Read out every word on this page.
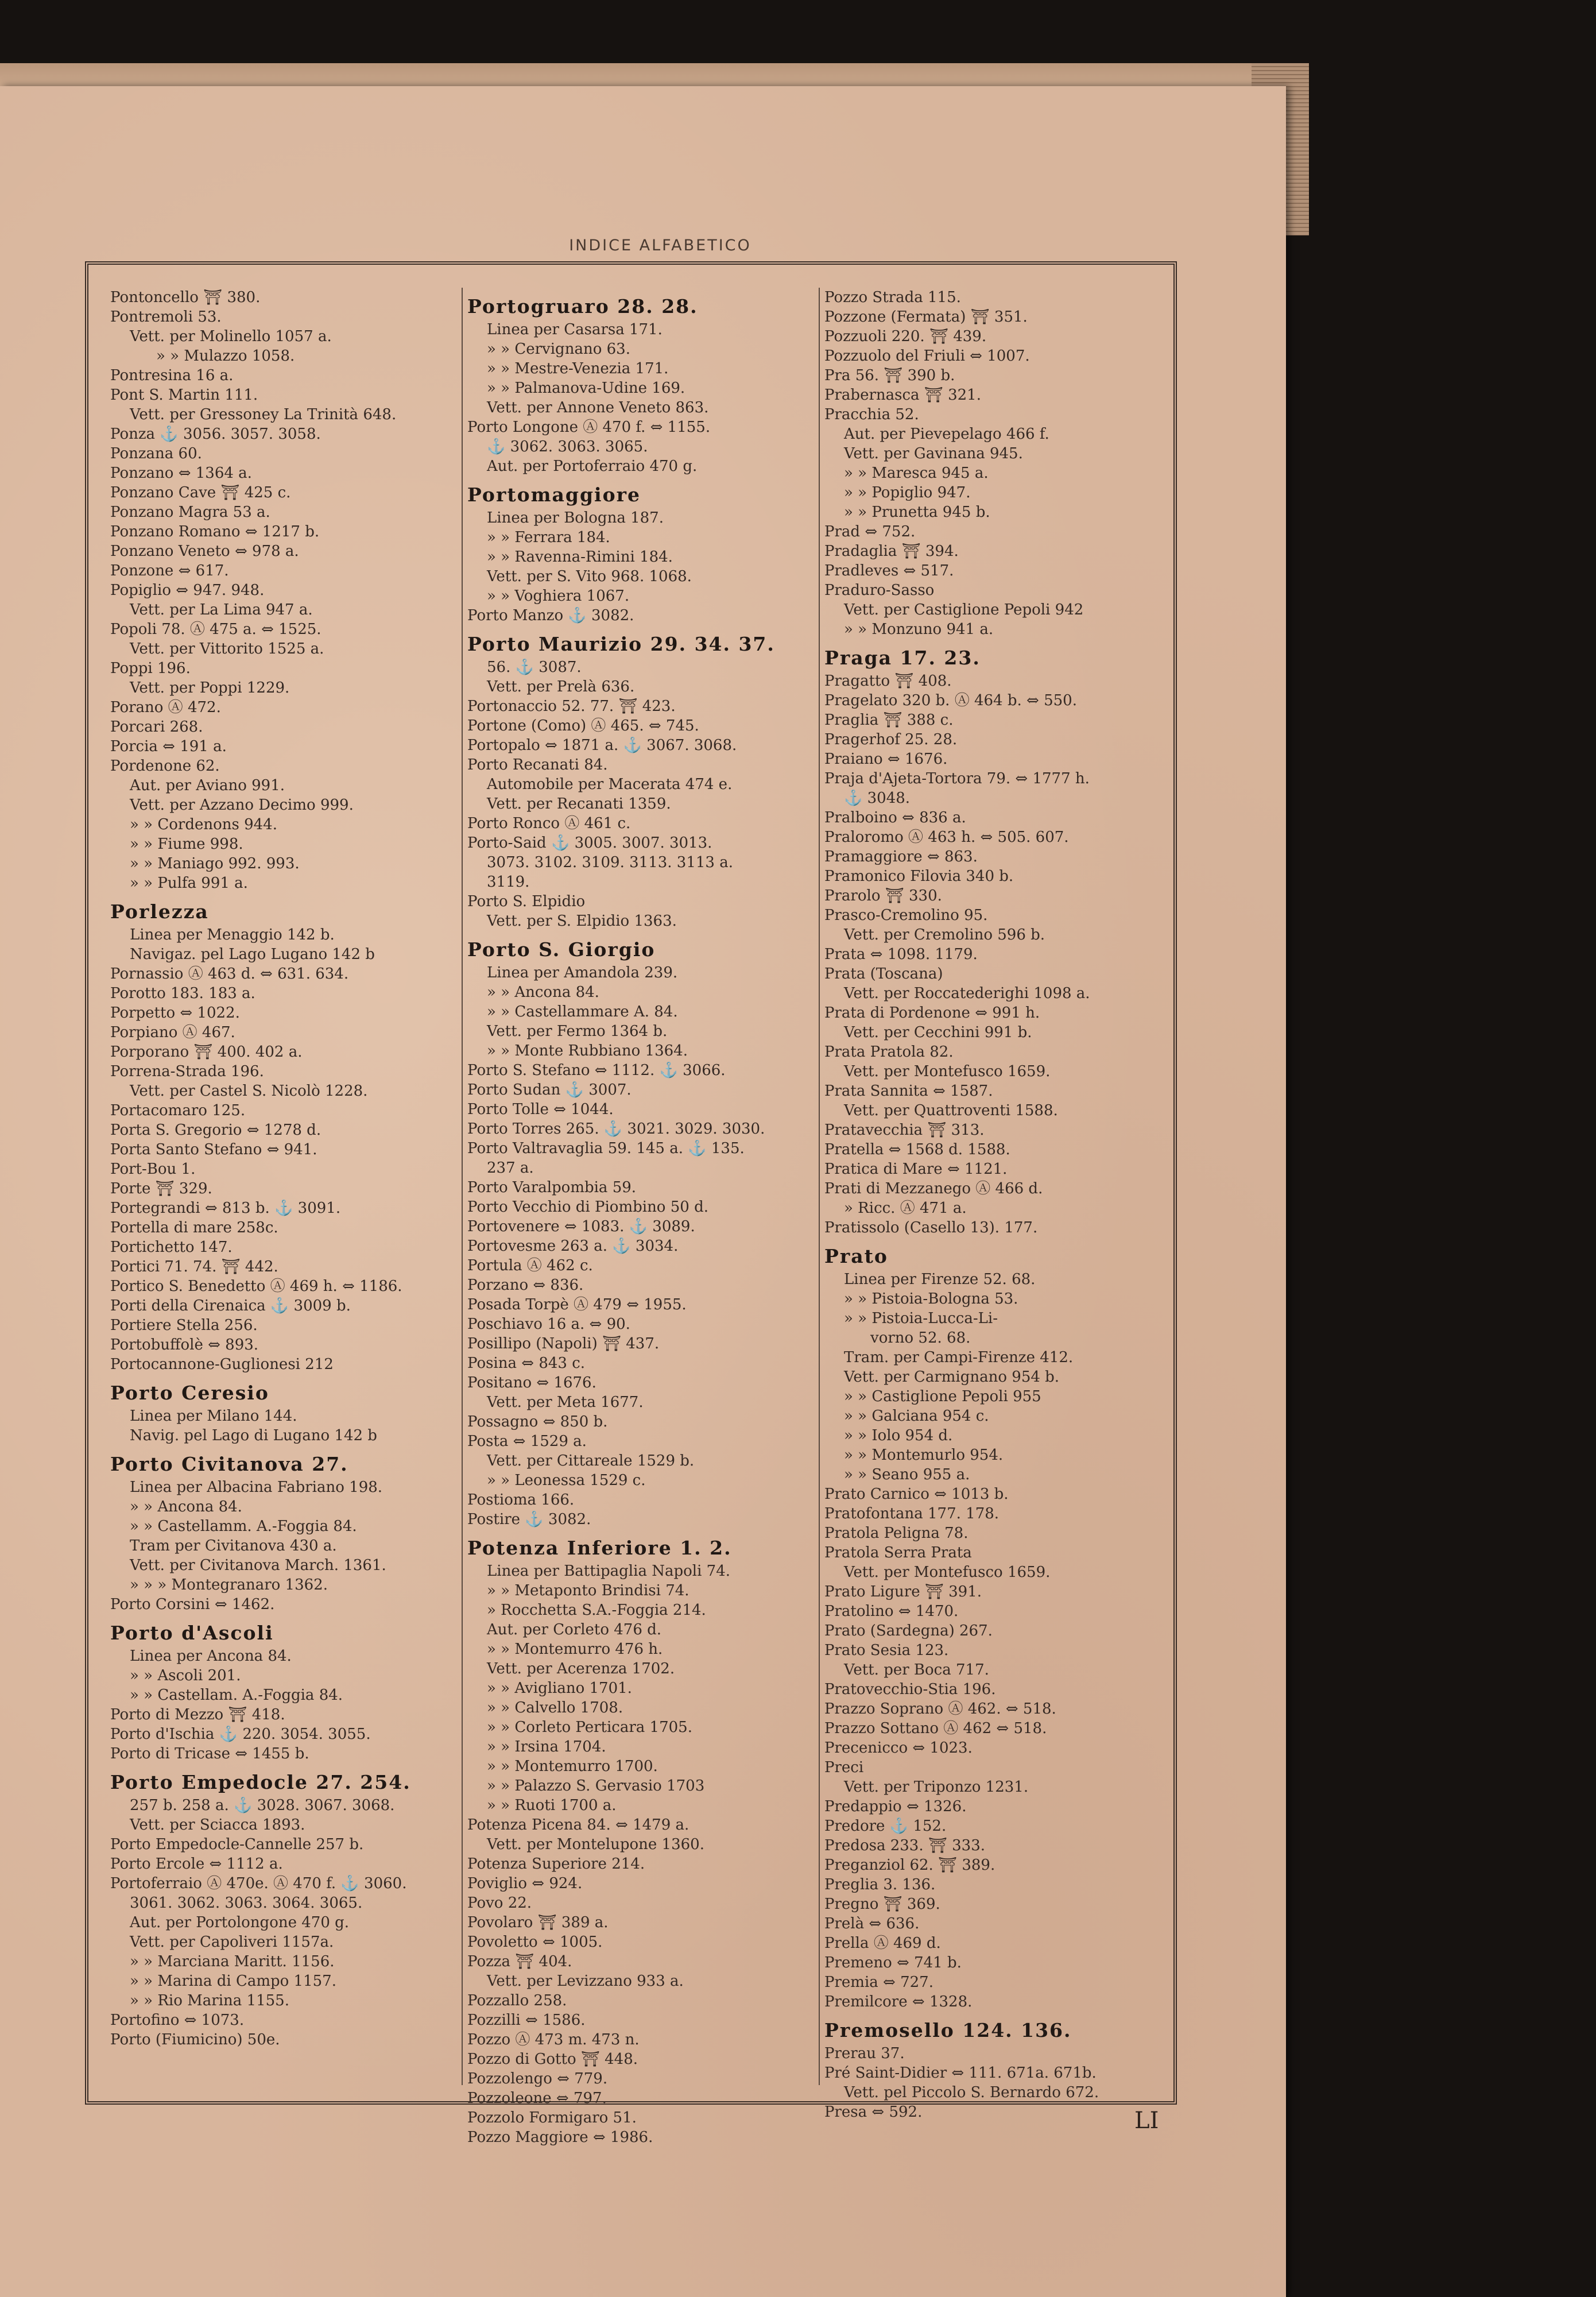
INDICE ALFABETICO
Pontoncello ⛩ 380.
Pontremoli 53.
Vett. per Molinello 1057 a.
» » Mulazzo 1058.
Pontresina 16 a.
Pont S. Martin 111.
Vett. per Gressoney La Trinità 648.
Ponza ⚓ 3056. 3057. 3058.
Ponzana 60.
Ponzano ⇔ 1364 a.
Ponzano Cave ⛩ 425 c.
Ponzano Magra 53 a.
Ponzano Romano ⇔ 1217 b.
Ponzano Veneto ⇔ 978 a.
Ponzone ⇔ 617.
Popiglio ⇔ 947. 948.
Vett. per La Lima 947 a.
Popoli 78. Ⓐ 475 a. ⇔ 1525.
Vett. per Vittorito 1525 a.
Poppi 196.
Vett. per Poppi 1229.
Porano Ⓐ 472.
Porcari 268.
Porcia ⇔ 191 a.
Pordenone 62.
Aut. per Aviano 991.
Vett. per Azzano Decimo 999.
» » Cordenons 944.
» » Fiume 998.
» » Maniago 992. 993.
» » Pulfa 991 a.
Porlezza
Linea per Menaggio 142 b.
Navigaz. pel Lago Lugano 142 b
Pornassio Ⓐ 463 d. ⇔ 631. 634.
Porotto 183. 183 a.
Porpetto ⇔ 1022.
Porpiano Ⓐ 467.
Porporano ⛩ 400. 402 a.
Porrena-Strada 196.
Vett. per Castel S. Nicolò 1228.
Portacomaro 125.
Porta S. Gregorio ⇔ 1278 d.
Porta Santo Stefano ⇔ 941.
Port-Bou 1.
Porte ⛩ 329.
Portegrandi ⇔ 813 b. ⚓ 3091.
Portella di mare 258c.
Portichetto 147.
Portici 71. 74. ⛩ 442.
Portico S. Benedetto Ⓐ 469 h. ⇔ 1186.
Porti della Cirenaica ⚓ 3009 b.
Portiere Stella 256.
Portobuffolè ⇔ 893.
Portocannone-Guglionesi 212
Porto Ceresio
Linea per Milano 144.
Navig. pel Lago di Lugano 142 b
Porto Civitanova 27.
Linea per Albacina Fabriano 198.
» » Ancona 84.
» » Castellamm. A.-Foggia 84.
Tram per Civitanova 430 a.
Vett. per Civitanova March. 1361.
» » » Montegranaro 1362.
Porto Corsini ⇔ 1462.
Porto d'Ascoli
Linea per Ancona 84.
» » Ascoli 201.
» » Castellam. A.-Foggia 84.
Porto di Mezzo ⛩ 418.
Porto d'Ischia ⚓ 220. 3054. 3055.
Porto di Tricase ⇔ 1455 b.
Porto Empedocle 27. 254.
257 b. 258 a. ⚓ 3028. 3067. 3068.
Vett. per Sciacca 1893.
Porto Empedocle-Cannelle 257 b.
Porto Ercole ⇔ 1112 a.
Portoferraio Ⓐ 470e. Ⓐ 470 f. ⚓ 3060.
3061. 3062. 3063. 3064. 3065.
Aut. per Portolongone 470 g.
Vett. per Capoliveri 1157a.
» » Marciana Maritt. 1156.
» » Marina di Campo 1157.
» » Rio Marina 1155.
Portofino ⇔ 1073.
Porto (Fiumicino) 50e.
Portogruaro 28. 28.
Linea per Casarsa 171.
» » Cervignano 63.
» » Mestre-Venezia 171.
» » Palmanova-Udine 169.
Vett. per Annone Veneto 863.
Porto Longone Ⓐ 470 f. ⇔ 1155.
⚓ 3062. 3063. 3065.
Aut. per Portoferraio 470 g.
Portomaggiore
Linea per Bologna 187.
» » Ferrara 184.
» » Ravenna-Rimini 184.
Vett. per S. Vito 968. 1068.
» » Voghiera 1067.
Porto Manzo ⚓ 3082.
Porto Maurizio 29. 34. 37.
56. ⚓ 3087.
Vett. per Prelà 636.
Portonaccio 52. 77. ⛩ 423.
Portone (Como) Ⓐ 465. ⇔ 745.
Portopalo ⇔ 1871 a. ⚓ 3067. 3068.
Porto Recanati 84.
Automobile per Macerata 474 e.
Vett. per Recanati 1359.
Porto Ronco Ⓐ 461 c.
Porto-Said ⚓ 3005. 3007. 3013.
3073. 3102. 3109. 3113. 3113 a.
3119.
Porto S. Elpidio
Vett. per S. Elpidio 1363.
Porto S. Giorgio
Linea per Amandola 239.
» » Ancona 84.
» » Castellammare A. 84.
Vett. per Fermo 1364 b.
» » Monte Rubbiano 1364.
Porto S. Stefano ⇔ 1112. ⚓ 3066.
Porto Sudan ⚓ 3007.
Porto Tolle ⇔ 1044.
Porto Torres 265. ⚓ 3021. 3029. 3030.
Porto Valtravaglia 59. 145 a. ⚓ 135.
237 a.
Porto Varalpombia 59.
Porto Vecchio di Piombino 50 d.
Portovenere ⇔ 1083. ⚓ 3089.
Portovesme 263 a. ⚓ 3034.
Portula Ⓐ 462 c.
Porzano ⇔ 836.
Posada Torpè Ⓐ 479 ⇔ 1955.
Poschiavo 16 a. ⇔ 90.
Posillipo (Napoli) ⛩ 437.
Posina ⇔ 843 c.
Positano ⇔ 1676.
Vett. per Meta 1677.
Possagno ⇔ 850 b.
Posta ⇔ 1529 a.
Vett. per Cittareale 1529 b.
» » Leonessa 1529 c.
Postioma 166.
Postire ⚓ 3082.
Potenza Inferiore 1. 2.
Linea per Battipaglia Napoli 74.
» » Metaponto Brindisi 74.
» Rocchetta S.A.-Foggia 214.
Aut. per Corleto 476 d.
» » Montemurro 476 h.
Vett. per Acerenza 1702.
» » Avigliano 1701.
» » Calvello 1708.
» » Corleto Perticara 1705.
» » Irsina 1704.
» » Montemurro 1700.
» » Palazzo S. Gervasio 1703
» » Ruoti 1700 a.
Potenza Picena 84. ⇔ 1479 a.
Vett. per Montelupone 1360.
Potenza Superiore 214.
Poviglio ⇔ 924.
Povo 22.
Povolaro ⛩ 389 a.
Povoletto ⇔ 1005.
Pozza ⛩ 404.
Vett. per Levizzano 933 a.
Pozzallo 258.
Pozzilli ⇔ 1586.
Pozzo Ⓐ 473 m. 473 n.
Pozzo di Gotto ⛩ 448.
Pozzolengo ⇔ 779.
Pozzoleone ⇔ 797.
Pozzolo Formigaro 51.
Pozzo Maggiore ⇔ 1986.
Pozzo Strada 115.
Pozzone (Fermata) ⛩ 351.
Pozzuoli 220. ⛩ 439.
Pozzuolo del Friuli ⇔ 1007.
Pra 56. ⛩ 390 b.
Prabernasca ⛩ 321.
Pracchia 52.
Aut. per Pievepelago 466 f.
Vett. per Gavinana 945.
» » Maresca 945 a.
» » Popiglio 947.
» » Prunetta 945 b.
Prad ⇔ 752.
Pradaglia ⛩ 394.
Pradleves ⇔ 517.
Praduro-Sasso
Vett. per Castiglione Pepoli 942
» » Monzuno 941 a.
Praga 17. 23.
Pragatto ⛩ 408.
Pragelato 320 b. Ⓐ 464 b. ⇔ 550.
Praglia ⛩ 388 c.
Pragerhof 25. 28.
Praiano ⇔ 1676.
Praja d'Ajeta-Tortora 79. ⇔ 1777 h.
⚓ 3048.
Pralboino ⇔ 836 a.
Praloromo Ⓐ 463 h. ⇔ 505. 607.
Pramaggiore ⇔ 863.
Pramonico Filovia 340 b.
Prarolo ⛩ 330.
Prasco-Cremolino 95.
Vett. per Cremolino 596 b.
Prata ⇔ 1098. 1179.
Prata (Toscana)
Vett. per Roccatederighi 1098 a.
Prata di Pordenone ⇔ 991 h.
Vett. per Cecchini 991 b.
Prata Pratola 82.
Vett. per Montefusco 1659.
Prata Sannita ⇔ 1587.
Vett. per Quattroventi 1588.
Pratavecchia ⛩ 313.
Pratella ⇔ 1568 d. 1588.
Pratica di Mare ⇔ 1121.
Prati di Mezzanego Ⓐ 466 d.
» Ricc. Ⓐ 471 a.
Pratissolo (Casello 13). 177.
Prato
Linea per Firenze 52. 68.
» » Pistoia-Bologna 53.
» » Pistoia-Lucca-Li-
vorno 52. 68.
Tram. per Campi-Firenze 412.
Vett. per Carmignano 954 b.
» » Castiglione Pepoli 955
» » Galciana 954 c.
» » Iolo 954 d.
» » Montemurlo 954.
» » Seano 955 a.
Prato Carnico ⇔ 1013 b.
Pratofontana 177. 178.
Pratola Peligna 78.
Pratola Serra Prata
Vett. per Montefusco 1659.
Prato Ligure ⛩ 391.
Pratolino ⇔ 1470.
Prato (Sardegna) 267.
Prato Sesia 123.
Vett. per Boca 717.
Pratovecchio-Stia 196.
Prazzo Soprano Ⓐ 462. ⇔ 518.
Prazzo Sottano Ⓐ 462 ⇔ 518.
Precenicco ⇔ 1023.
Preci
Vett. per Triponzo 1231.
Predappio ⇔ 1326.
Predore ⚓ 152.
Predosa 233. ⛩ 333.
Preganziol 62. ⛩ 389.
Preglia 3. 136.
Pregno ⛩ 369.
Prelà ⇔ 636.
Prella Ⓐ 469 d.
Premeno ⇔ 741 b.
Premia ⇔ 727.
Premilcore ⇔ 1328.
Premosello 124. 136.
Prerau 37.
Pré Saint-Didier ⇔ 111. 671a. 671b.
Vett. pel Piccolo S. Bernardo 672.
Presa ⇔ 592.	LI
